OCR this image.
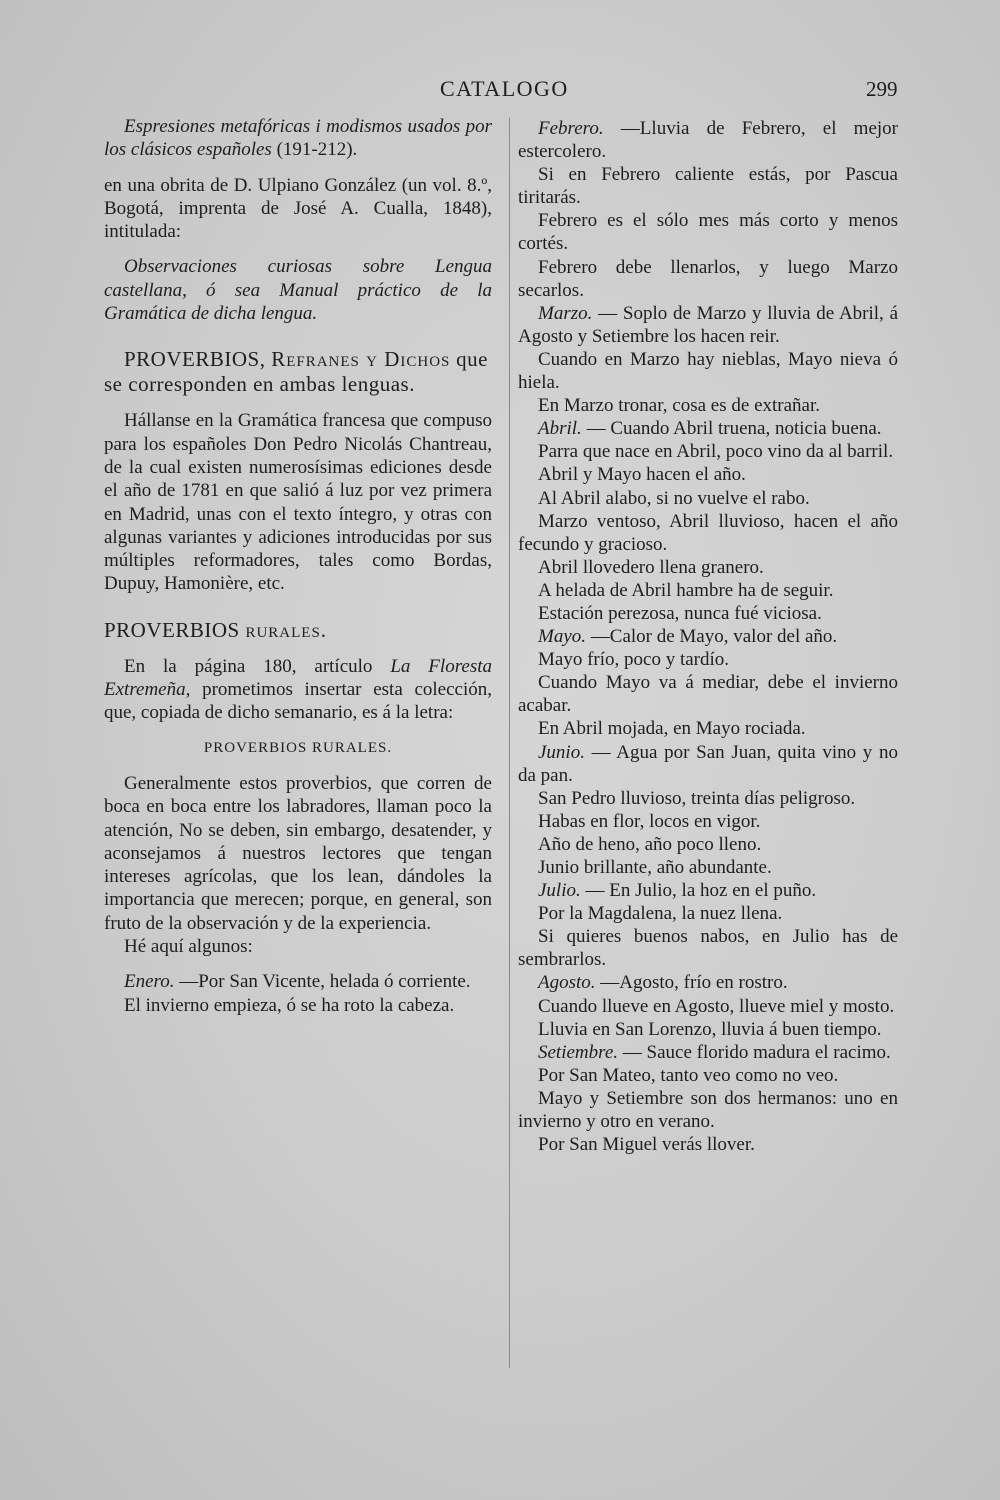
CATALOGO	299

Espresiones metafóricas i modismos usados por los clásicos españoles (191-212).

en una obrita de D. Ulpiano González (un vol. 8.º, Bogotá, imprenta de José A. Cualla, 1848), intitulada:

Observaciones curiosas sobre Lengua castellana, ó sea Manual práctico de la Gramática de dicha lengua.

PROVERBIOS, Refranes y Dichos que se corresponden en ambas lenguas.

Hállanse en la Gramática francesa que compuso para los españoles Don Pedro Nicolás Chantreau, de la cual existen numerosísimas ediciones desde el año de 1781 en que salió á luz por vez primera en Madrid, unas con el texto íntegro, y otras con algunas variantes y adiciones introducidas por sus múltiples reformadores, tales como Bordas, Dupuy, Hamonière, etc.

PROVERBIOS rurales.

En la página 180, artículo La Floresta Extremeña, prometimos insertar esta colección, que, copiada de dicho semanario, es á la letra:

PROVERBIOS RURALES.

Generalmente estos proverbios, que corren de boca en boca entre los labradores, llaman poco la atención, No se deben, sin embargo, desatender, y aconsejamos á nuestros lectores que tengan intereses agrícolas, que los lean, dándoles la importancia que merecen; porque, en general, son fruto de la observación y de la experiencia.

Hé aquí algunos:

Enero. —Por San Vicente, helada ó corriente.

El invierno empieza, ó se ha roto la cabeza.

Febrero. —Lluvia de Febrero, el mejor estercolero.

Si en Febrero caliente estás, por Pascua tiritarás.

Febrero es el sólo mes más corto y menos cortés.

Febrero debe llenarlos, y luego Marzo secarlos.

Marzo. — Soplo de Marzo y lluvia de Abril, á Agosto y Setiembre los hacen reir.

Cuando en Marzo hay nieblas, Mayo nieva ó hiela.

En Marzo tronar, cosa es de extrañar.

Abril. — Cuando Abril truena, noticia buena.

Parra que nace en Abril, poco vino da al barril.

Abril y Mayo hacen el año.

Al Abril alabo, si no vuelve el rabo.

Marzo ventoso, Abril lluvioso, hacen el año fecundo y gracioso.

Abril llovedero llena granero.

A helada de Abril hambre ha de seguir.

Estación perezosa, nunca fué viciosa.

Mayo. —Calor de Mayo, valor del año.

Mayo frío, poco y tardío.

Cuando Mayo va á mediar, debe el invierno acabar.

En Abril mojada, en Mayo rociada.

Junio. — Agua por San Juan, quita vino y no da pan.

San Pedro lluvioso, treinta días peligroso.

Habas en flor, locos en vigor.

Año de heno, año poco lleno.

Junio brillante, año abundante.

Julio. — En Julio, la hoz en el puño.

Por la Magdalena, la nuez llena.

Si quieres buenos nabos, en Julio has de sembrarlos.

Agosto. —Agosto, frío en rostro.

Cuando llueve en Agosto, llueve miel y mosto.

Lluvia en San Lorenzo, lluvia á buen tiempo.

Setiembre. — Sauce florido madura el racimo.

Por San Mateo, tanto veo como no veo.

Mayo y Setiembre son dos hermanos: uno en invierno y otro en verano.

Por San Miguel verás llover.
